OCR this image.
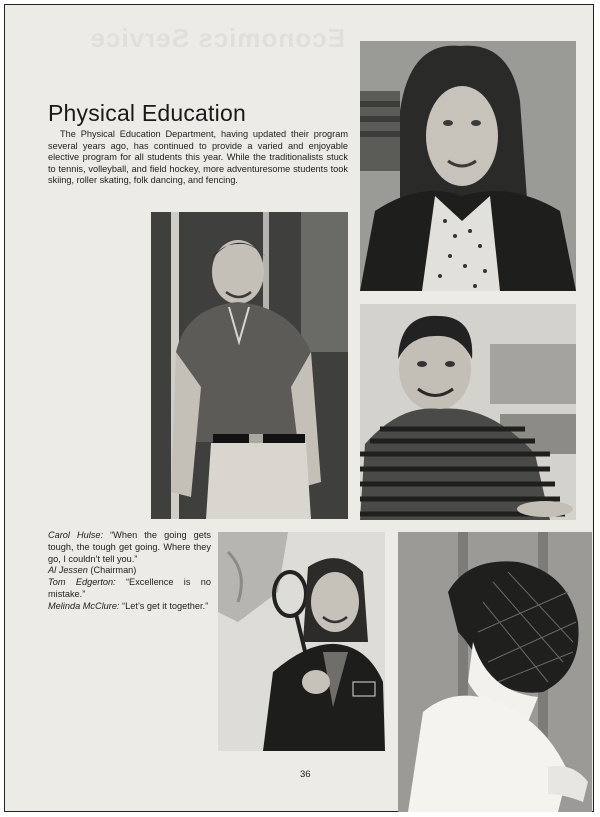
Economics Service
Physical Education

The Physical Education Department, having updated their program several years ago, has continued to provide a varied and enjoyable elective program for all students this year. While the traditionalists stuck to tennis, volleyball, and field hockey, more adventuresome students took skiing, roller skating, folk dancing, and fencing.

Carol Hulse: “When the going gets tough, the tough get going. Where they go, I couldn’t tell you.”

Al Jessen (Chairman)

Tom Edgerton: “Excellence is no mistake.”

Melinda McClure: “Let’s get it together.”

36
